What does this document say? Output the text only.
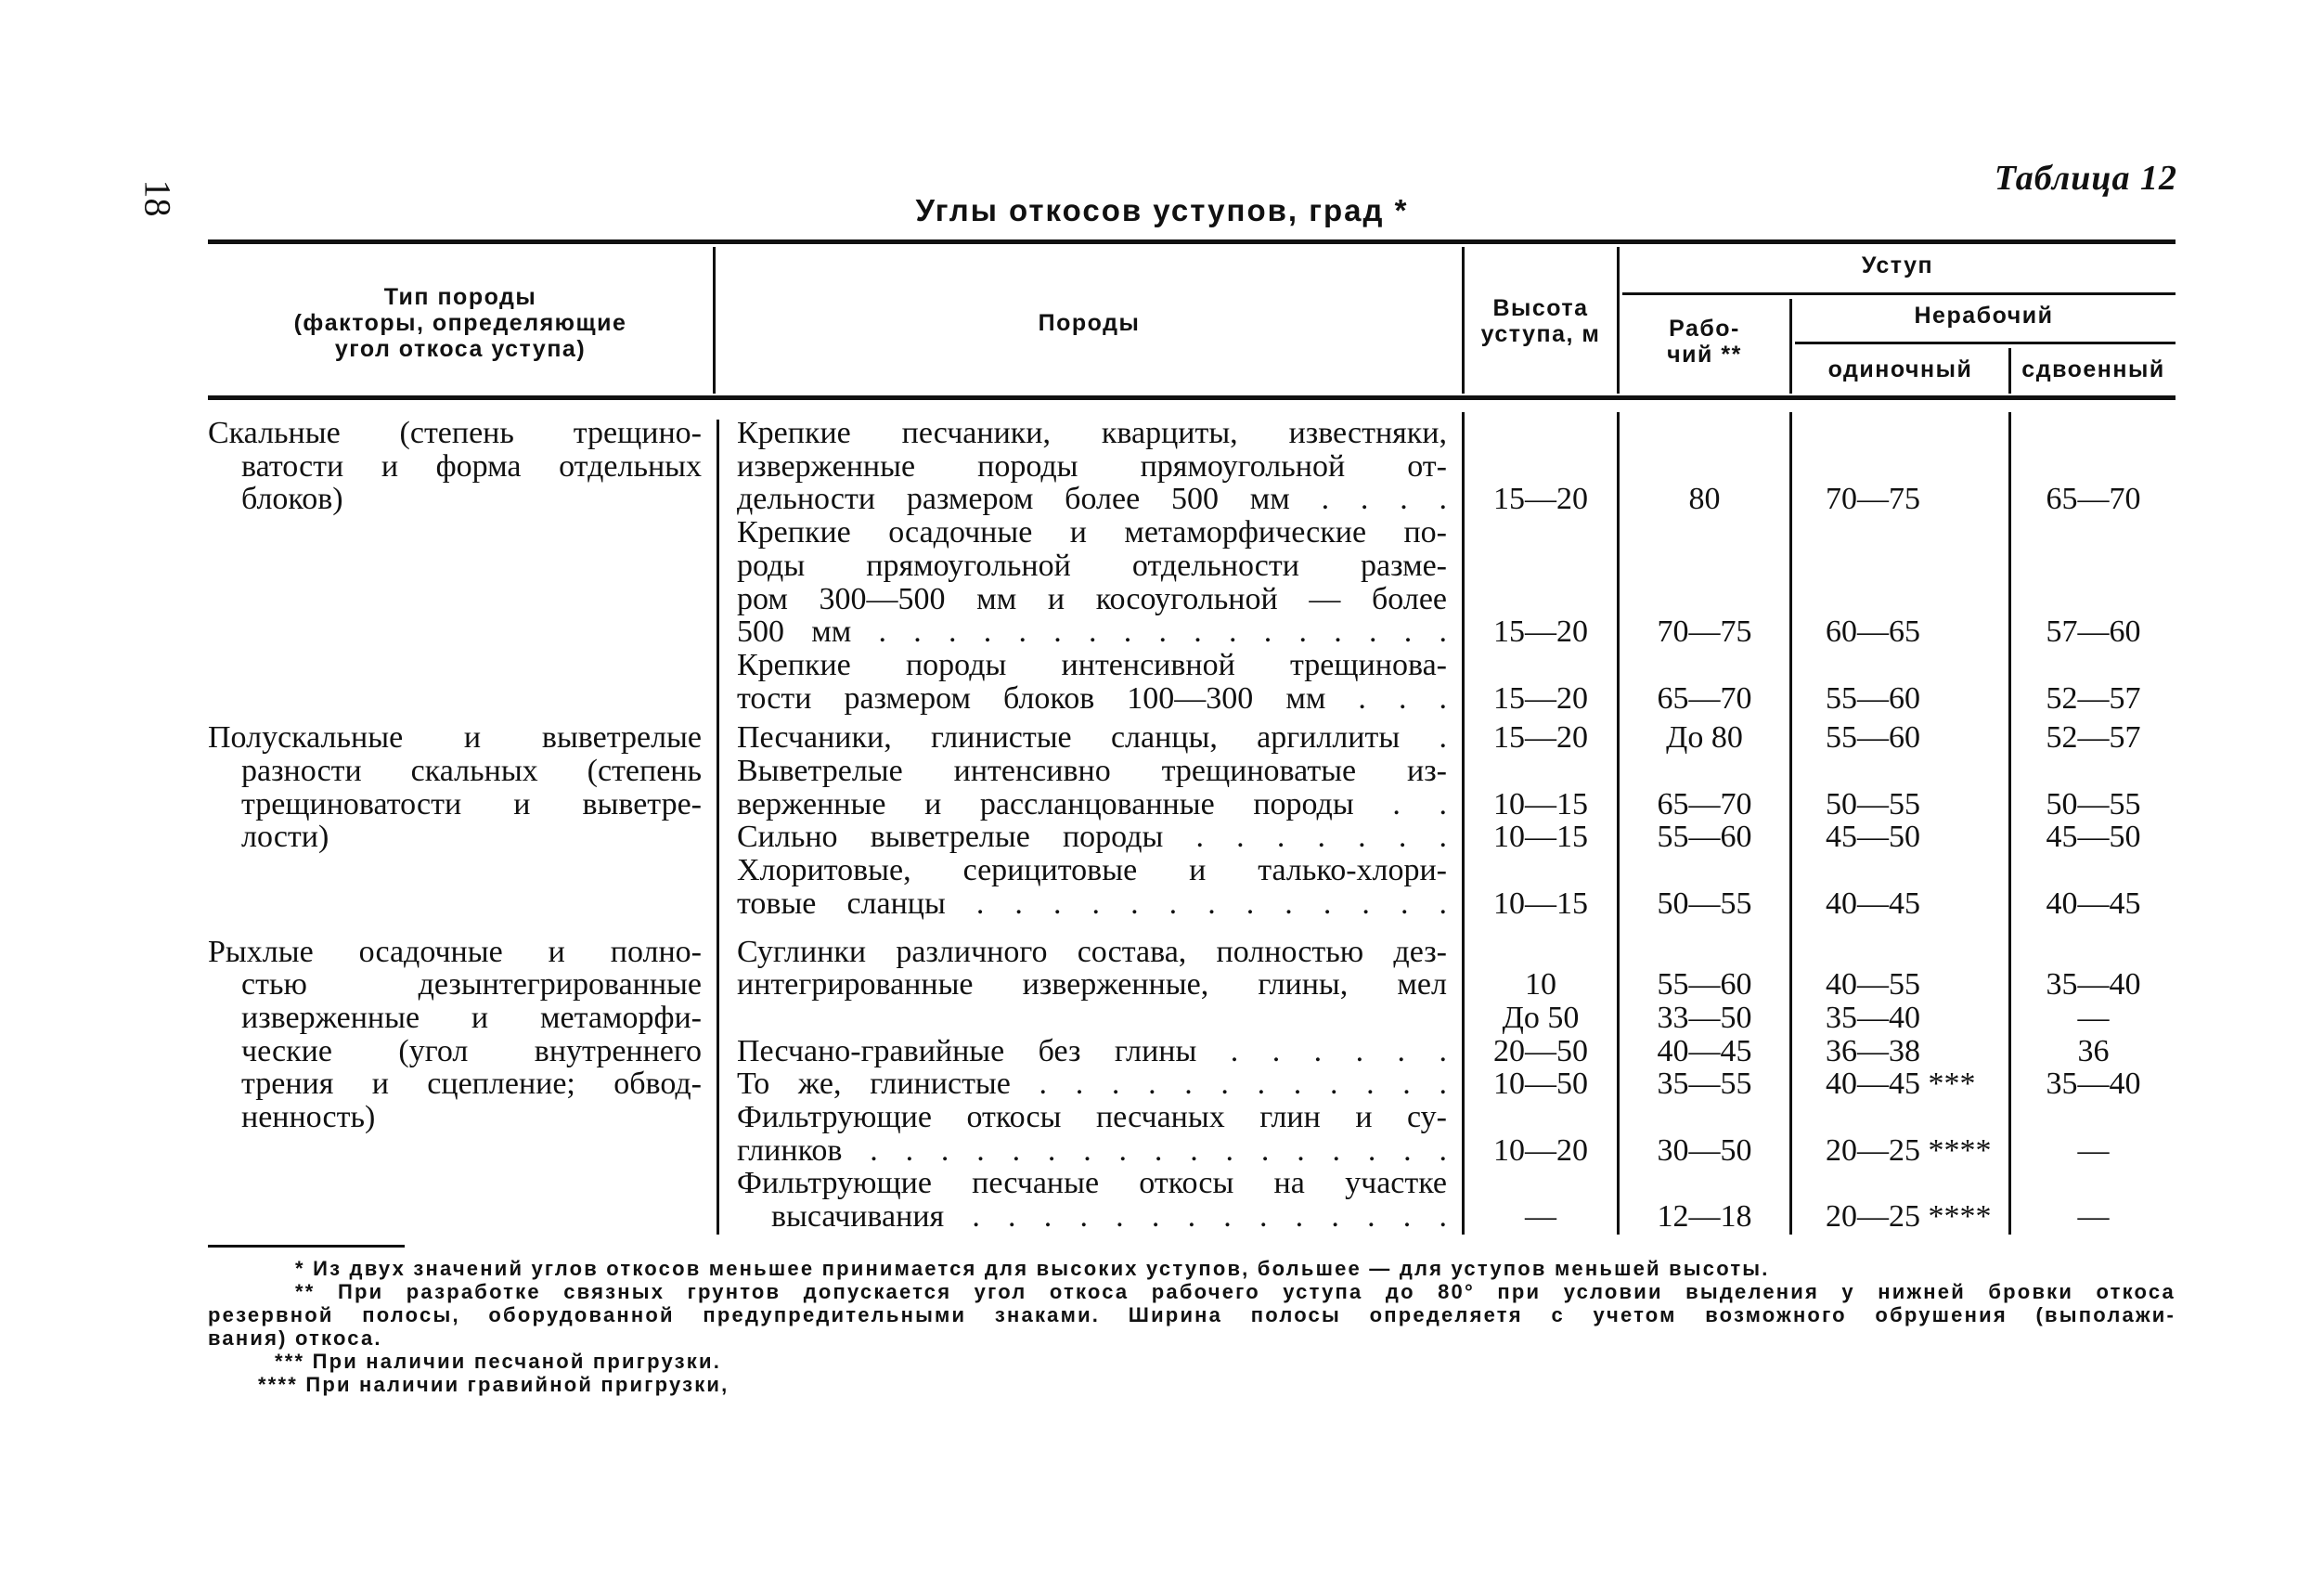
18
Таблица 12
Углы откосов уступов, град *
Тип породы
(факторы, определяющие
угол откоса уступа)
Породы
Высота
уступа, м
Уступ
Рабо-
чий **
Нерабочий
одиночный	сдвоенный
Скальные (степень трещино-
ватости и форма отдельных
блоков)
Крепкие песчаники, кварциты, известняки,
изверженные породы прямоугольной от-
дельности размером более 500 мм . . . .	15—20	80	70—75	65—70
Крепкие осадочные и метаморфические по-
роды прямоугольной отдельности разме-
ром 300—500 мм и косоугольной — более
500 мм . . . . . . . . . . . . . . . . .	15—20	70—75	60—65	57—60
Крепкие породы интенсивной трещинова-
тости размером блоков 100—300 мм . . .	15—20	65—70	55—60	52—57
Полускальные и выветрелые
разности скальных (степень
трещиноватости и выветре-
лости)
Песчаники, глинистые сланцы, аргиллиты .	15—20	До 80	55—60	52—57
Выветрелые интенсивно трещиноватые из-
верженные и рассланцованные породы . .	10—15	65—70	50—55	50—55
Сильно выветрелые породы . . . . . . .	10—15	55—60	45—50	45—50
Хлоритовые, серицитовые и талько-хлори-
товые сланцы . . . . . . . . . . . . .	10—15	50—55	40—45	40—45
Рыхлые осадочные и полно-
стью дезынтегрированные
изверженные и метаморфи-
ческие (угол внутреннего
трения и сцепление; обвод-
ненность)
Суглинки различного состава, полностью дез-
интегрированные изверженные, глины, мел	10	55—60	40—55	35—40
До 50	33—50	35—40	—
Песчано-гравийные без глины . . . . . .	20—50	40—45	36—38	36
То же, глинистые . . . . . . . . . . . .	10—50	35—55	40—45 ***	35—40
Фильтрующие откосы песчаных глин и су-
глинков . . . . . . . . . . . . . . . . .	10—20	30—50	20—25 ****	—
Фильтрующие песчаные откосы на участке
высачивания . . . . . . . . . . . . . .	—	12—18	20—25 ****	—
* Из двух значений углов откосов меньшее принимается для высоких уступов, большее — для уступов меньшей высоты.
** При разработке связных грунтов допускается угол откоса рабочего уступа до 80° при условии выделения у нижней бровки откоса
резервной полосы, оборудованной предупредительными знаками. Ширина полосы определяетя с учетом возможного обрушения (выполажи-
вания) откоса.
*** При наличии песчаной пригрузки.
**** При наличии гравийной пригрузки,
